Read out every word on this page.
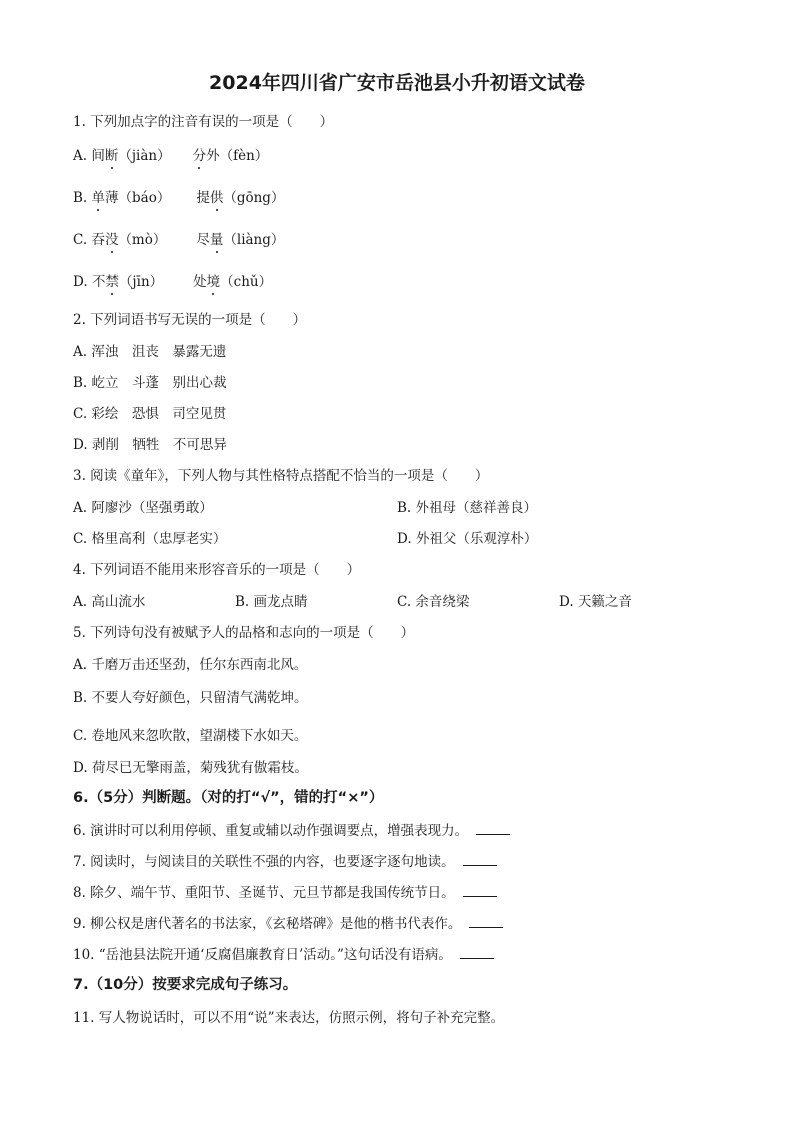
2024年四川省广安市岳池县小升初语文试卷
1. 下列加点字的注音有误的一项是（　　）
A. 间断（jiàn） 分外（fèn）
B. 单薄（báo） 提供（gōng）
C. 吞没（mò） 尽量（liàng）
D. 不禁（jīn） 处境（chǔ）
2. 下列词语书写无误的一项是（　　）
A. 浑浊　沮丧　暴露无遗
B. 屹立　斗蓬　别出心裁
C. 彩绘　恐惧　司空见贯
D. 剥削　牺牲　不可思异
3. 阅读《童年》，下列人物与其性格特点搭配不恰当的一项是（　　）
A. 阿廖沙（坚强勇敢）	B. 外祖母（慈祥善良）
C. 格里高利（忠厚老实）	D. 外祖父（乐观淳朴）
4. 下列词语不能用来形容音乐的一项是（　　）
A. 高山流水	B. 画龙点睛	C. 余音绕梁	D. 天籁之音
5. 下列诗句没有被赋予人的品格和志向的一项是（　　）
A. 千磨万击还坚劲，任尔东西南北风。
B. 不要人夸好颜色，只留清气满乾坤。
C. 卷地风来忽吹散，望湖楼下水如天。
D. 荷尽已无擎雨盖，菊残犹有傲霜枝。
6.（5分）判断题。（对的打“√”，错的打“×”）
6. 演讲时可以利用停顿、重复或辅以动作强调要点，增强表现力。
7. 阅读时，与阅读目的关联性不强的内容，也要逐字逐句地读。
8. 除夕、端午节、重阳节、圣诞节、元旦节都是我国传统节日。
9. 柳公权是唐代著名的书法家，《玄秘塔碑》是他的楷书代表作。
10. “岳池县法院开通‘反腐倡廉教育日’活动。”这句话没有语病。
7.（10分）按要求完成句子练习。
11. 写人物说话时，可以不用“说”来表达，仿照示例，将句子补充完整。
